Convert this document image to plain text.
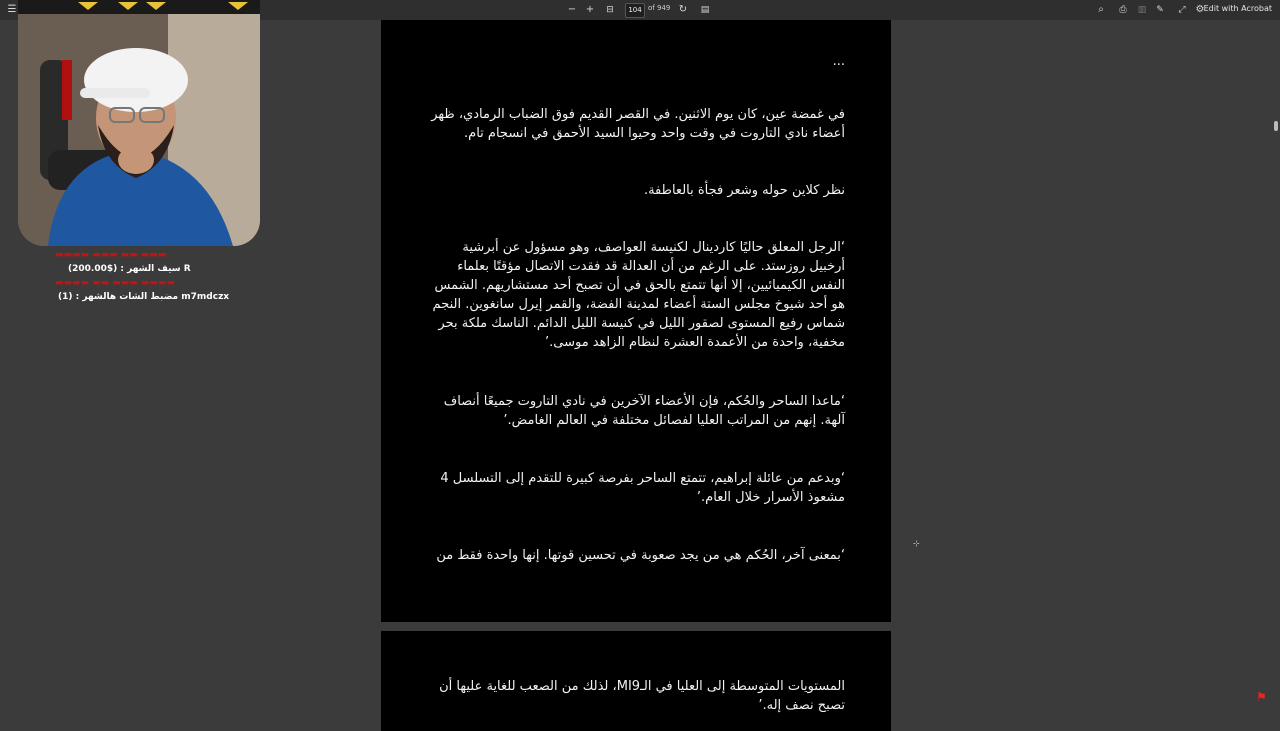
☰	− +	⊟	104 of 949 ↻	▤	⌕	⎙	▥	✎	⤢ ⚙ Edit with Acrobat
...
في غمضة عين، كان يوم الاثنين. في القصر القديم فوق الضباب الرمادي، ظهر أعضاء نادي التاروت في وقت واحد وحيوا السيد الأحمق في انسجام تام.
نظر كلاين حوله وشعر فجأة بالعاطفة.
‘الرجل المعلق حاليًا كاردينال لكنيسة العواصف، وهو مسؤول عن أبرشية أرخبيل روزستد. على الرغم من أن العدالة قد فقدت الاتصال مؤقتًا بعلماء النفس الكيميائيين، إلا أنها تتمتع بالحق في أن تصبح أحد مستشاريهم. الشمس هو أحد شيوخ مجلس الستة أعضاء لمدينة الفضة، والقمر إيرل سانغوين. النجم شماس رفيع المستوى لصقور الليل في كنيسة الليل الدائم. الناسك ملكة بحر مخفية، واحدة من الأعمدة العشرة لنظام الزاهد موسى.’
‘ماعدا الساحر والحُكم، فإن الأعضاء الآخرين في نادي التاروت جميعًا أنصاف آلهة. إنهم من المراتب العليا لفصائل مختلفة في العالم الغامض.’
‘وبدعم من عائلة إبراهيم، تتمتع الساحر بفرصة كبيرة للتقدم إلى التسلسل 4 مشعوذ الأسرار خلال العام.’
‘بمعنى آخر، الحُكم هي من يجد صعوبة في تحسين قوتها. إنها واحدة فقط من
المستويات المتوسطة إلى العليا في الـMI9، لذلك من الصعب للغاية عليها أن تصبح نصف إله.’
▬▬▬▬ ▬▬▬ ▬▬ ▬▬▬
سيف الشهر : ($200.00) R
▬▬▬▬ ▬▬ ▬▬▬ ▬▬▬▬
مضبط الشات هالشهر : (1) m7mdczx
⊹
⚑
